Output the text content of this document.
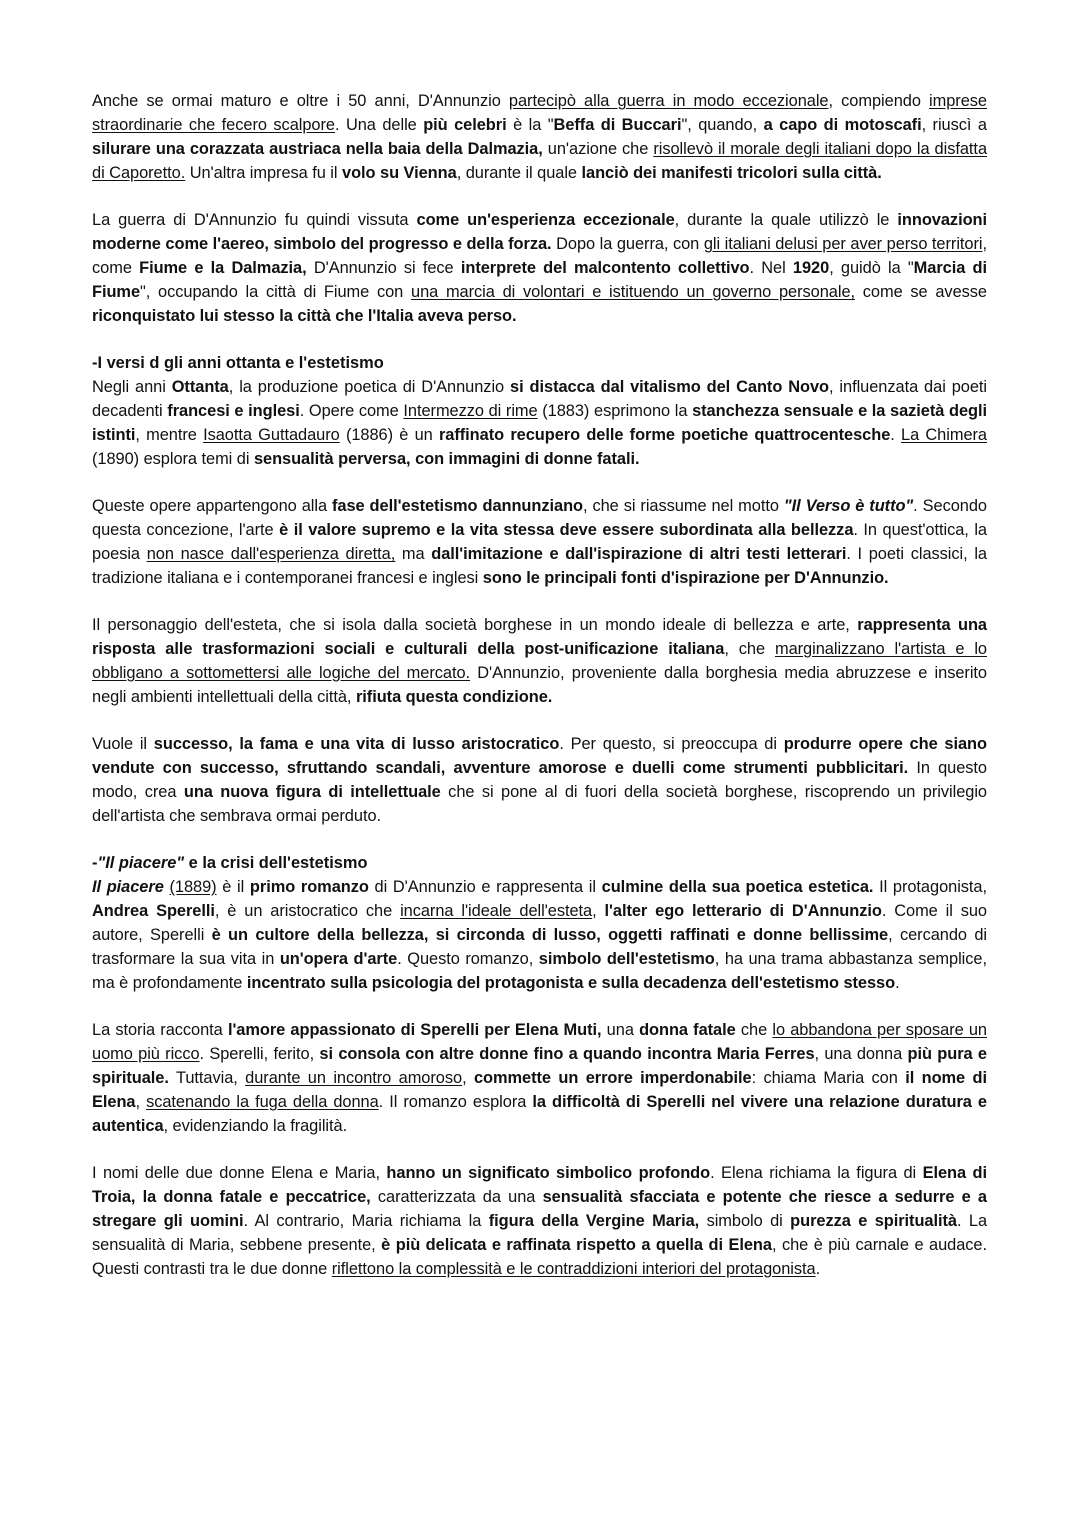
Anche se ormai maturo e oltre i 50 anni, D'Annunzio partecipò alla guerra in modo eccezionale, compiendo imprese straordinarie che fecero scalpore. Una delle più celebri è la "Beffa di Buccari", quando, a capo di motoscafi, riuscì a silurare una corazzata austriaca nella baia della Dalmazia, un'azione che risollevò il morale degli italiani dopo la disfatta di Caporetto. Un'altra impresa fu il volo su Vienna, durante il quale lanciò dei manifesti tricolori sulla città.

La guerra di D'Annunzio fu quindi vissuta come un'esperienza eccezionale, durante la quale utilizzò le innovazioni moderne come l'aereo, simbolo del progresso e della forza. Dopo la guerra, con gli italiani delusi per aver perso territori, come Fiume e la Dalmazia, D'Annunzio si fece interprete del malcontento collettivo. Nel 1920, guidò la "Marcia di Fiume", occupando la città di Fiume con una marcia di volontari e istituendo un governo personale, come se avesse riconquistato lui stesso la città che l'Italia aveva perso.

-I versi d gli anni ottanta e l'estetismo

Negli anni Ottanta, la produzione poetica di D'Annunzio si distacca dal vitalismo del Canto Novo, influenzata dai poeti decadenti francesi e inglesi. Opere come Intermezzo di rime (1883) esprimono la stanchezza sensuale e la sazietà degli istinti, mentre Isaotta Guttadauro (1886) è un raffinato recupero delle forme poetiche quattrocentesche. La Chimera (1890) esplora temi di sensualità perversa, con immagini di donne fatali.

Queste opere appartengono alla fase dell'estetismo dannunziano, che si riassume nel motto "Il Verso è tutto". Secondo questa concezione, l'arte è il valore supremo e la vita stessa deve essere subordinata alla bellezza. In quest'ottica, la poesia non nasce dall'esperienza diretta, ma dall'imitazione e dall'ispirazione di altri testi letterari. I poeti classici, la tradizione italiana e i contemporanei francesi e inglesi sono le principali fonti d'ispirazione per D'Annunzio.

Il personaggio dell'esteta, che si isola dalla società borghese in un mondo ideale di bellezza e arte, rappresenta una risposta alle trasformazioni sociali e culturali della post-unificazione italiana, che marginalizzano l'artista e lo obbligano a sottomettersi alle logiche del mercato. D'Annunzio, proveniente dalla borghesia media abruzzese e inserito negli ambienti intellettuali della città, rifiuta questa condizione.

Vuole il successo, la fama e una vita di lusso aristocratico. Per questo, si preoccupa di produrre opere che siano vendute con successo, sfruttando scandali, avventure amorose e duelli come strumenti pubblicitari. In questo modo, crea una nuova figura di intellettuale che si pone al di fuori della società borghese, riscoprendo un privilegio dell'artista che sembrava ormai perduto.

-"Il piacere" e la crisi dell'estetismo

Il piacere (1889) è il primo romanzo di D'Annunzio e rappresenta il culmine della sua poetica estetica. Il protagonista, Andrea Sperelli, è un aristocratico che incarna l'ideale dell'esteta, l'alter ego letterario di D'Annunzio. Come il suo autore, Sperelli è un cultore della bellezza, si circonda di lusso, oggetti raffinati e donne bellissime, cercando di trasformare la sua vita in un'opera d'arte. Questo romanzo, simbolo dell'estetismo, ha una trama abbastanza semplice, ma è profondamente incentrato sulla psicologia del protagonista e sulla decadenza dell'estetismo stesso.

La storia racconta l'amore appassionato di Sperelli per Elena Muti, una donna fatale che lo abbandona per sposare un uomo più ricco. Sperelli, ferito, si consola con altre donne fino a quando incontra Maria Ferres, una donna più pura e spirituale. Tuttavia, durante un incontro amoroso, commette un errore imperdonabile: chiama Maria con il nome di Elena, scatenando la fuga della donna. Il romanzo esplora la difficoltà di Sperelli nel vivere una relazione duratura e autentica, evidenziando la fragilità.

I nomi delle due donne Elena e Maria, hanno un significato simbolico profondo. Elena richiama la figura di Elena di Troia, la donna fatale e peccatrice, caratterizzata da una sensualità sfacciata e potente che riesce a sedurre e a stregare gli uomini. Al contrario, Maria richiama la figura della Vergine Maria, simbolo di purezza e spiritualità. La sensualità di Maria, sebbene presente, è più delicata e raffinata rispetto a quella di Elena, che è più carnale e audace. Questi contrasti tra le due donne riflettono la complessità e le contraddizioni interiori del protagonista.
